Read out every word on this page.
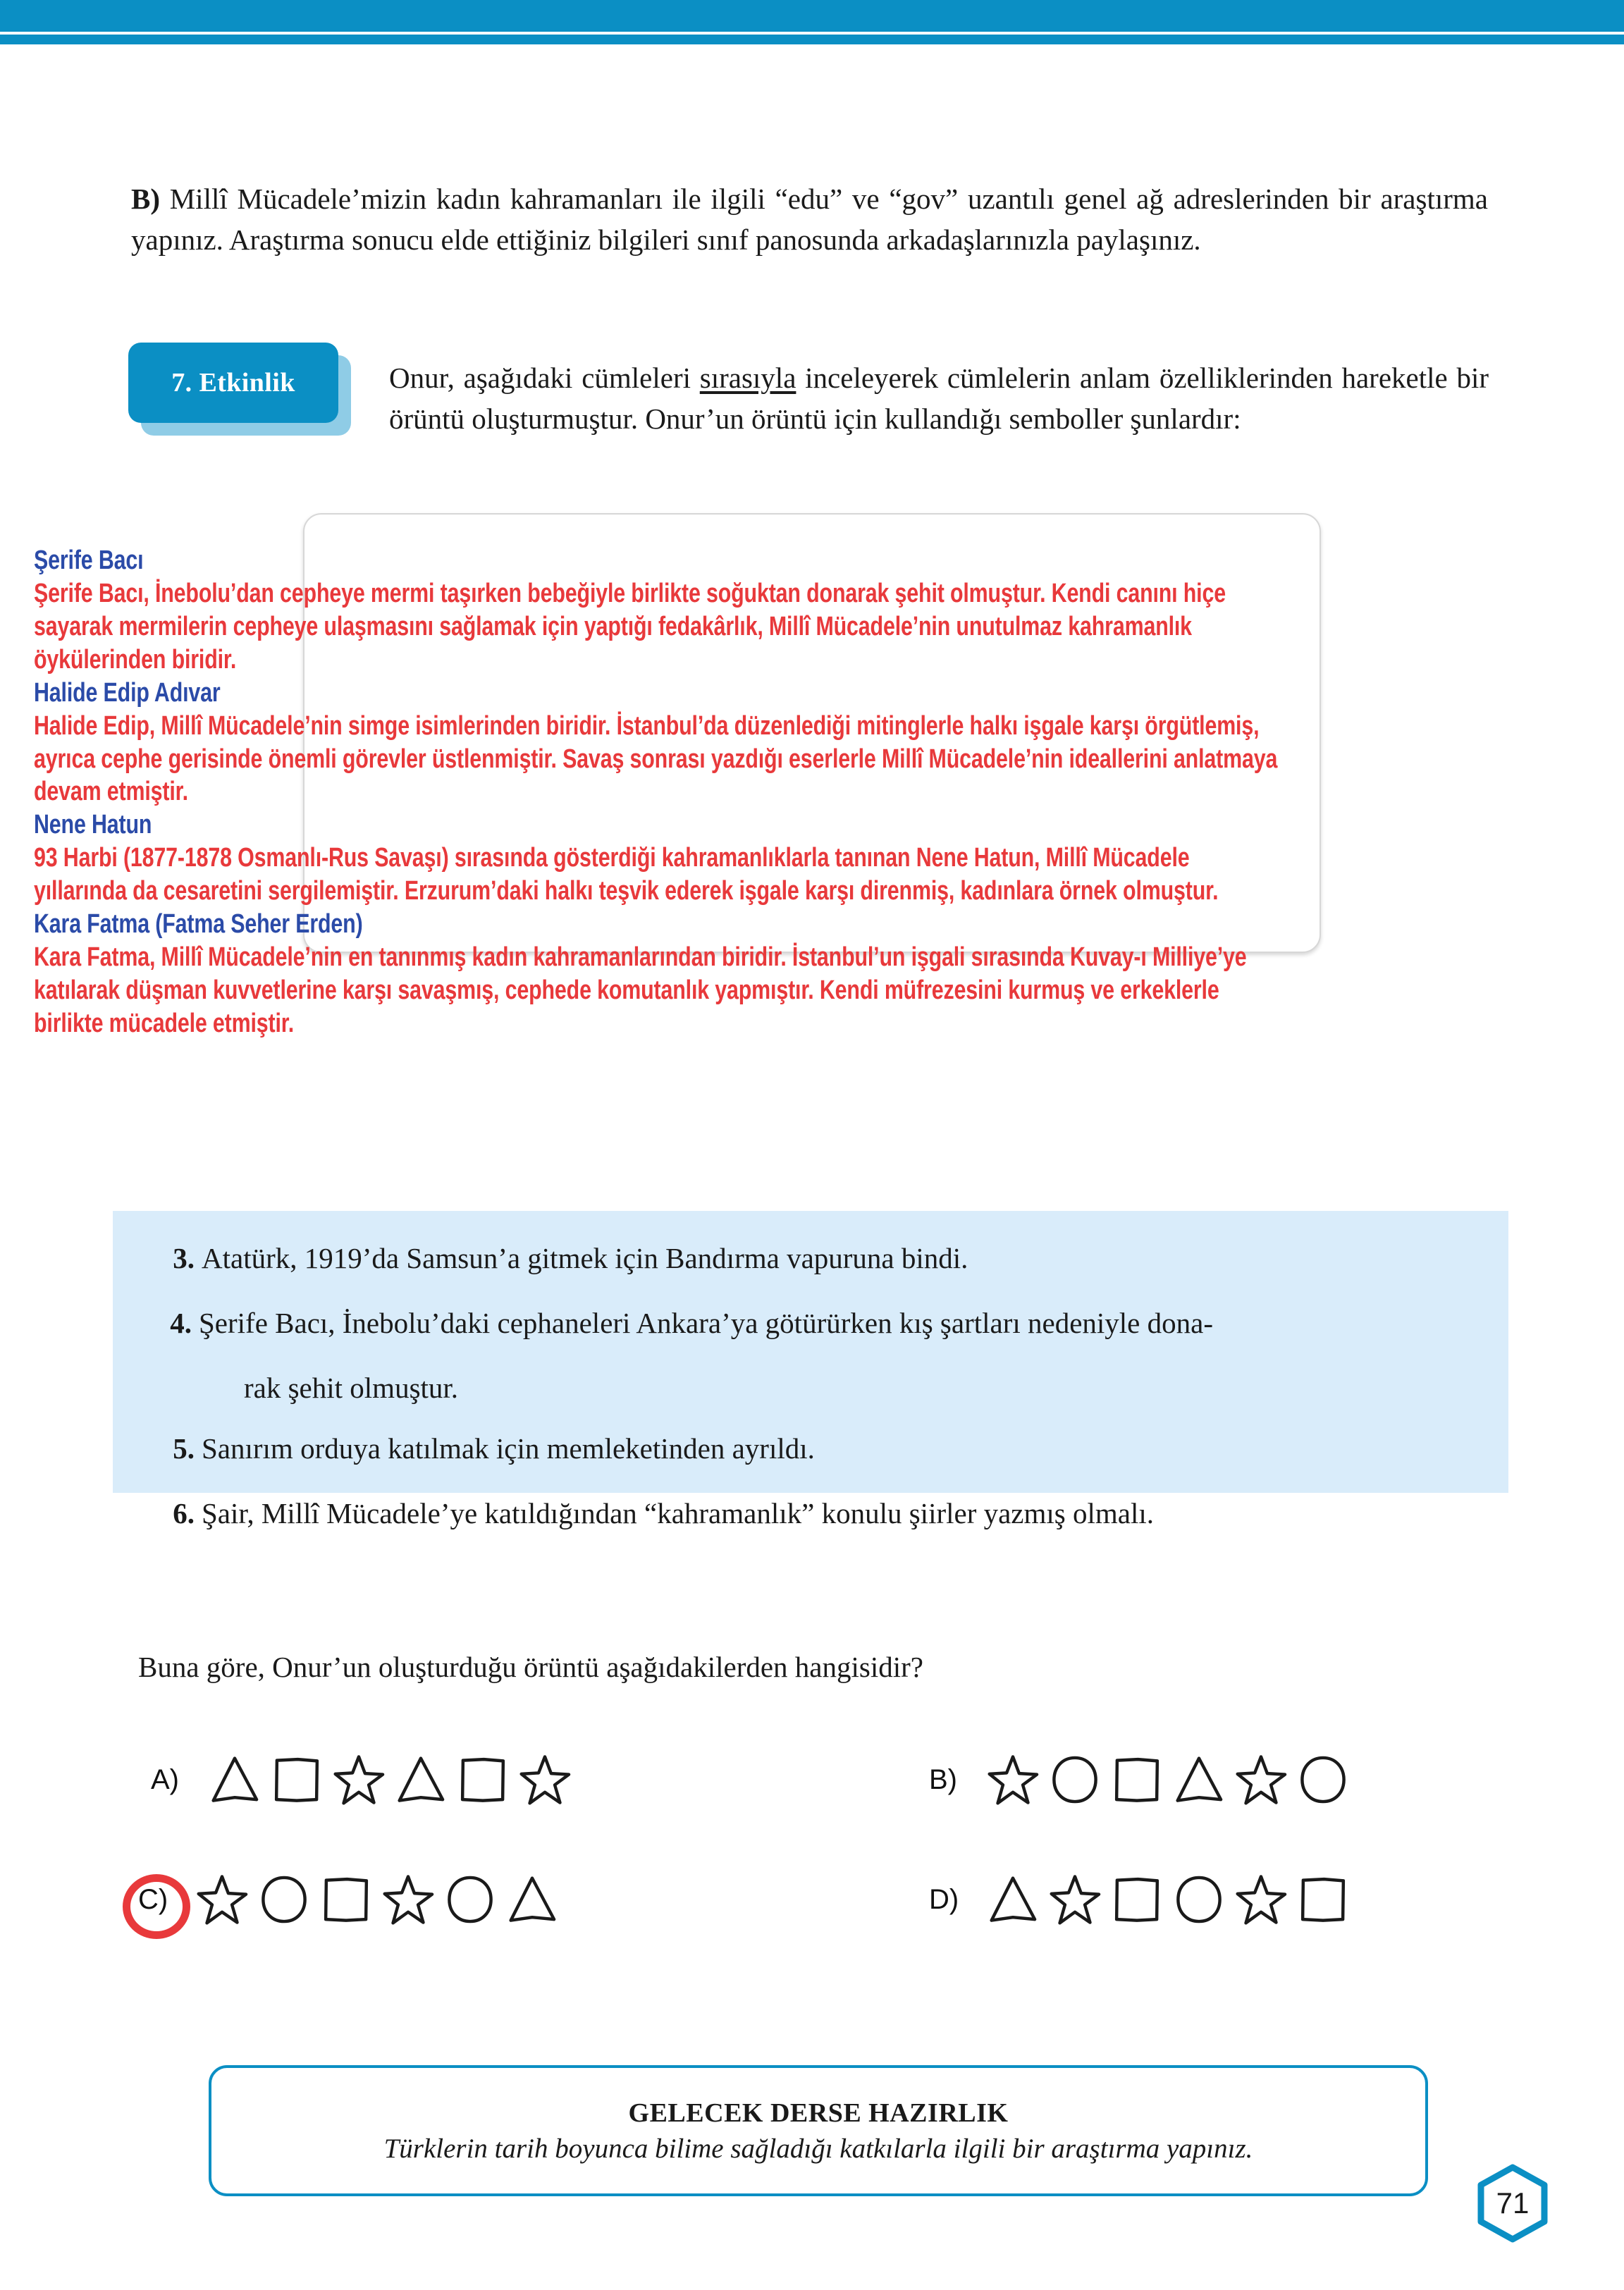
B) Millî Mücadele’mizin kadın kahramanları ile ilgili “edu” ve “gov” uzantılı genel ağ adreslerinden bir araştırma yapınız. Araştırma sonucu elde ettiğiniz bilgileri sınıf panosunda arkadaşlarınızla paylaşınız.

7. Etkinlik	Onur, aşağıdaki cümleleri sırasıyla inceleyerek cümlelerin anlam özelliklerinden hareketle bir örüntü oluşturmuştur. Onur’un örüntü için kullandığı semboller şunlardır:

Şerife Bacı
Şerife Bacı, İnebolu’dan cepheye mermi taşırken bebeğiyle birlikte soğuktan donarak şehit olmuştur. Kendi canını hiçe sayarak mermilerin cepheye ulaşmasını sağlamak için yaptığı fedakârlık, Millî Mücadele’nin unutulmaz kahramanlık öykülerinden biridir.
Halide Edip Adıvar
Halide Edip, Millî Mücadele’nin simge isimlerinden biridir. İstanbul’da düzenlediği mitinglerle halkı işgale karşı örgütlemiş, ayrıca cephe gerisinde önemli görevler üstlenmiştir. Savaş sonrası yazdığı eserlerle Millî Mücadele’nin ideallerini anlatmaya devam etmiştir.
Nene Hatun
93 Harbi (1877-1878 Osmanlı-Rus Savaşı) sırasında gösterdiği kahramanlıklarla tanınan Nene Hatun, Millî Mücadele yıllarında da cesaretini sergilemiştir. Erzurum’daki halkı teşvik ederek işgale karşı direnmiş, kadınlara örnek olmuştur.
Kara Fatma (Fatma Seher Erden)
Kara Fatma, Millî Mücadele’nin en tanınmış kadın kahramanlarından biridir. İstanbul’un işgali sırasında Kuvay-ı Milliye’ye katılarak düşman kuvvetlerine karşı savaşmış, cephede komutanlık yapmıştır. Kendi müfrezesini kurmuş ve erkeklerle birlikte mücadele etmiştir.
3. Atatürk, 1919’da Samsun’a gitmek için Bandırma vapuruna bindi.
4. Şerife Bacı, İnebolu’daki cephaneleri Ankara’ya götürürken kış şartları nedeniyle dona-
rak şehit olmuştur.
5. Sanırım orduya katılmak için memleketinden ayrıldı.
6. Şair, Millî Mücadele’ye katıldığından “kahramanlık” konulu şiirler yazmış olmalı.
Buna göre, Onur’un oluşturduğu örüntü aşağıdakilerden hangisidir?
A)	B)
C)	D)
GELECEK DERSE HAZIRLIK
Türklerin tarih boyunca bilime sağladığı katkılarla ilgili bir araştırma yapınız.
71
